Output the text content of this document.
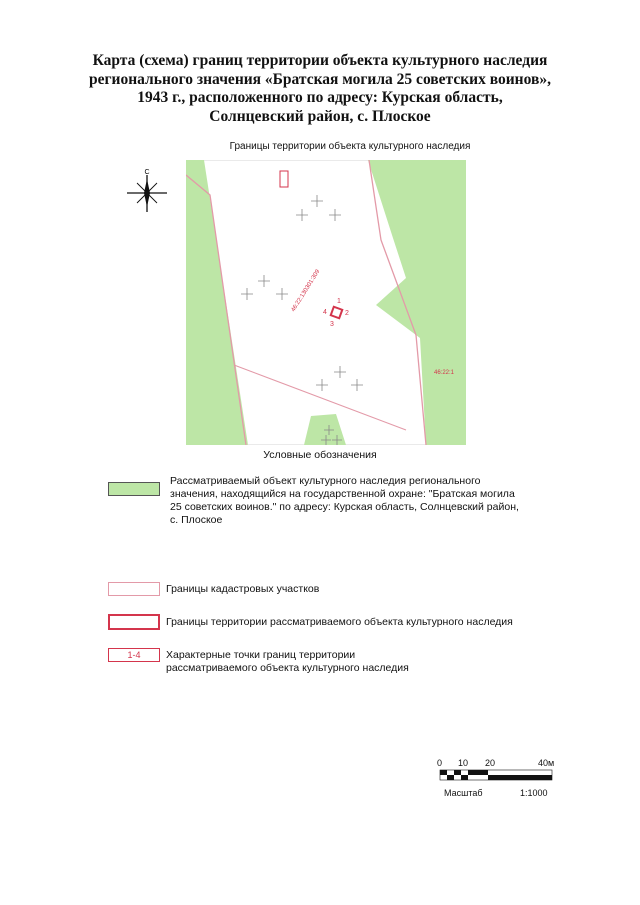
Карта (схема) границ территории объекта культурного наследия
регионального значения «Братская могила 25 советских воинов»,
1943 г., расположенного по адресу: Курская область,
Солнцевский район, с. Плоское
Границы территории объекта культурного наследия
С
1
2
3
4
46:22:130301:309
46:22:1
Условные обозначения
Рассматриваемый объект культурного наследия регионального
значения, находящийся на государственной охране: "Братская могила
25 советских воинов." по адресу: Курская область, Солнцевский район,
с. Плоское
Границы кадастровых участков
Границы территории рассматриваемого объекта культурного наследия
1-4	Характерные точки границ территории
рассматриваемого объекта культурного наследия
0 10 20	40м
Масштаб	1:1000
